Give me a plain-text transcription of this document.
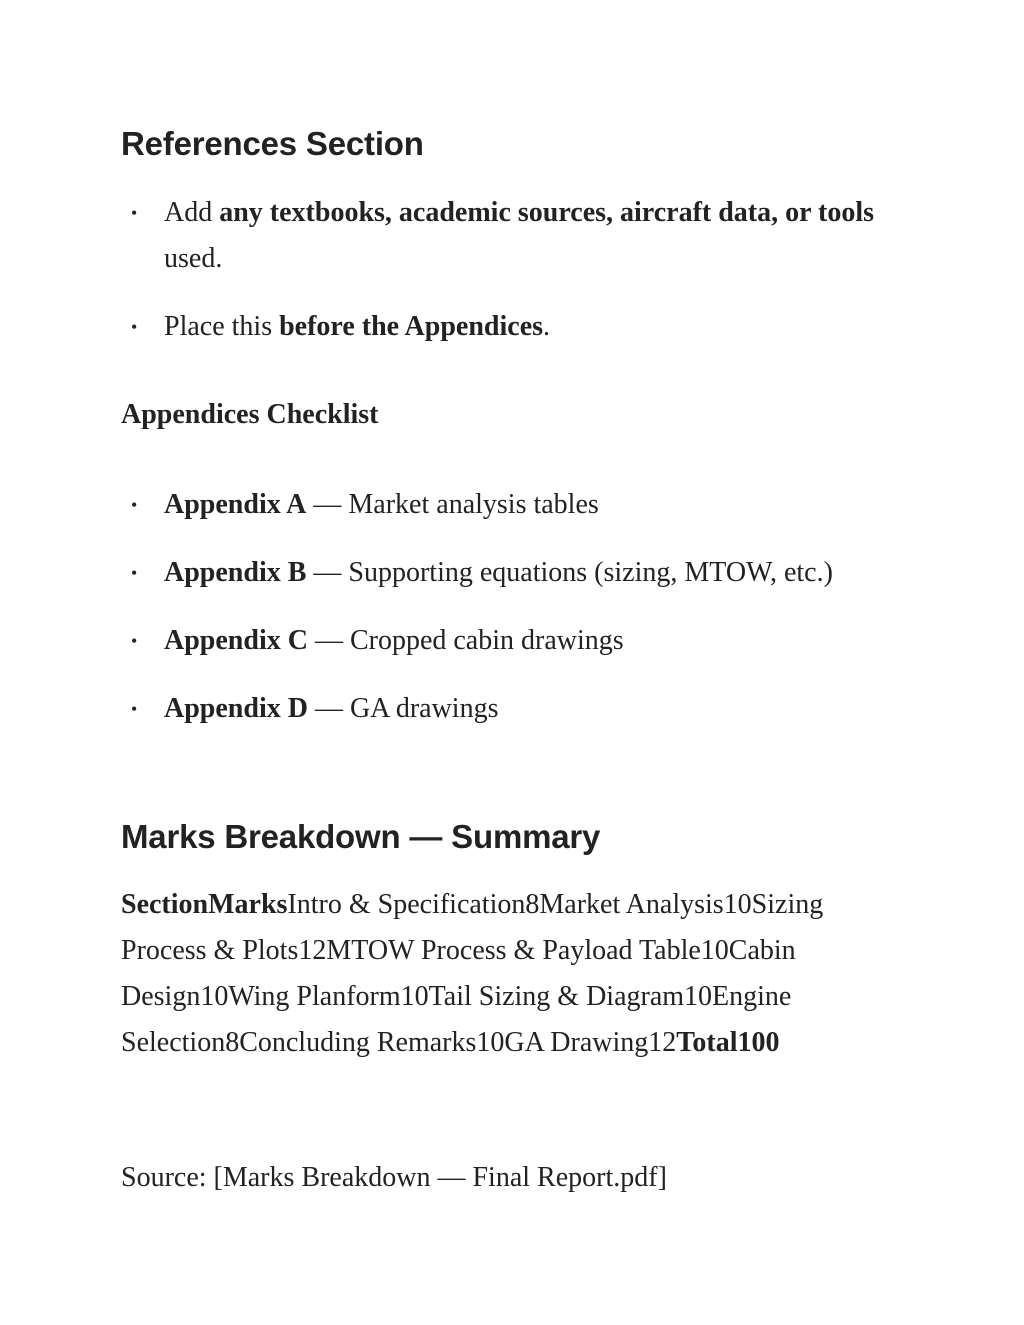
References Section
• Add any textbooks, academic sources, aircraft data, or tools used.
• Place this before the Appendices.
Appendices Checklist
• Appendix A — Market analysis tables
• Appendix B — Supporting equations (sizing, MTOW, etc.)
• Appendix C — Cropped cabin drawings
• Appendix D — GA drawings
Marks Breakdown — Summary

SectionMarksIntro & Specification8Market Analysis10Sizing Process & Plots12MTOW Process & Payload Table10Cabin Design10Wing Planform10Tail Sizing & Diagram10Engine Selection8Concluding Remarks10GA Drawing12Total100

Source: [Marks Breakdown — Final Report.pdf]
